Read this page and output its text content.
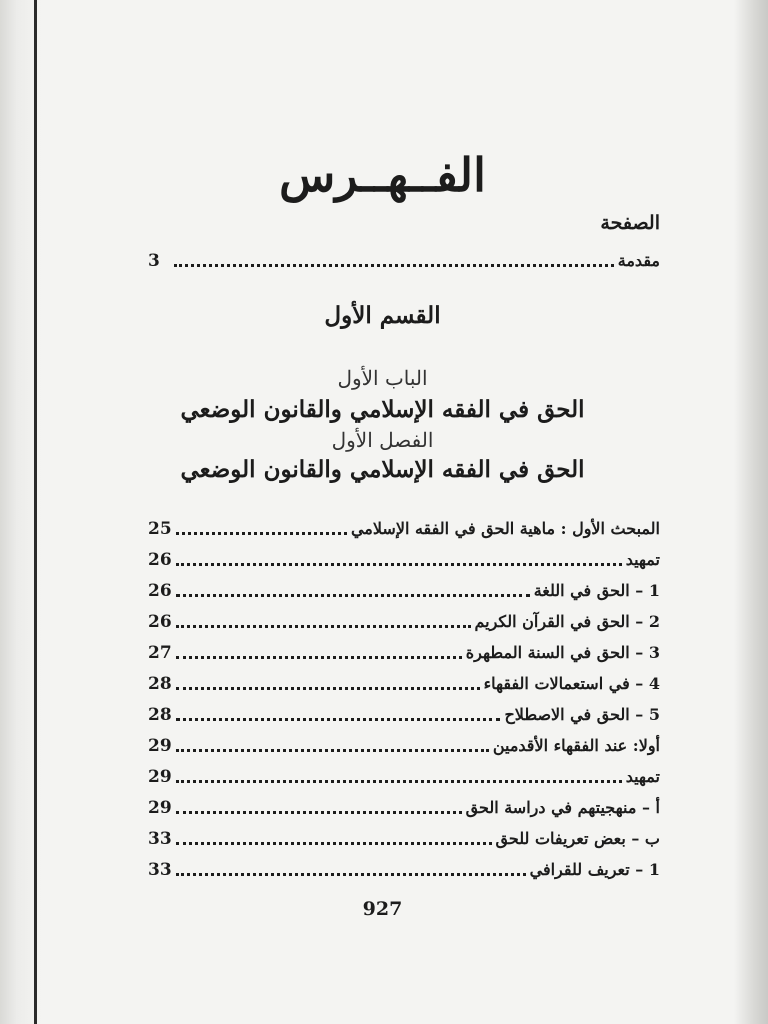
الفــهــرس
الصفحة
مقدمة
3
القسم الأول
الباب الأول
الحق في الفقه الإسلامي والقانون الوضعي
الفصل الأول
الحق في الفقه الإسلامي والقانون الوضعي
المبحث الأول : ماهية الحق في الفقه الإسلامي
25
تمهيد
26
1 – الحق في اللغة
26
2 – الحق في القرآن الكريم
26
3 – الحق في السنة المطهرة
27
4 – في استعمالات الفقهاء
28
5 – الحق في الاصطلاح
28
أولا: عند الفقهاء الأقدمين
29
تمهيد
29
أ – منهجيتهم في دراسة الحق
29
ب – بعض تعريفات للحق
33
1 – تعريف للقرافي
33
927
